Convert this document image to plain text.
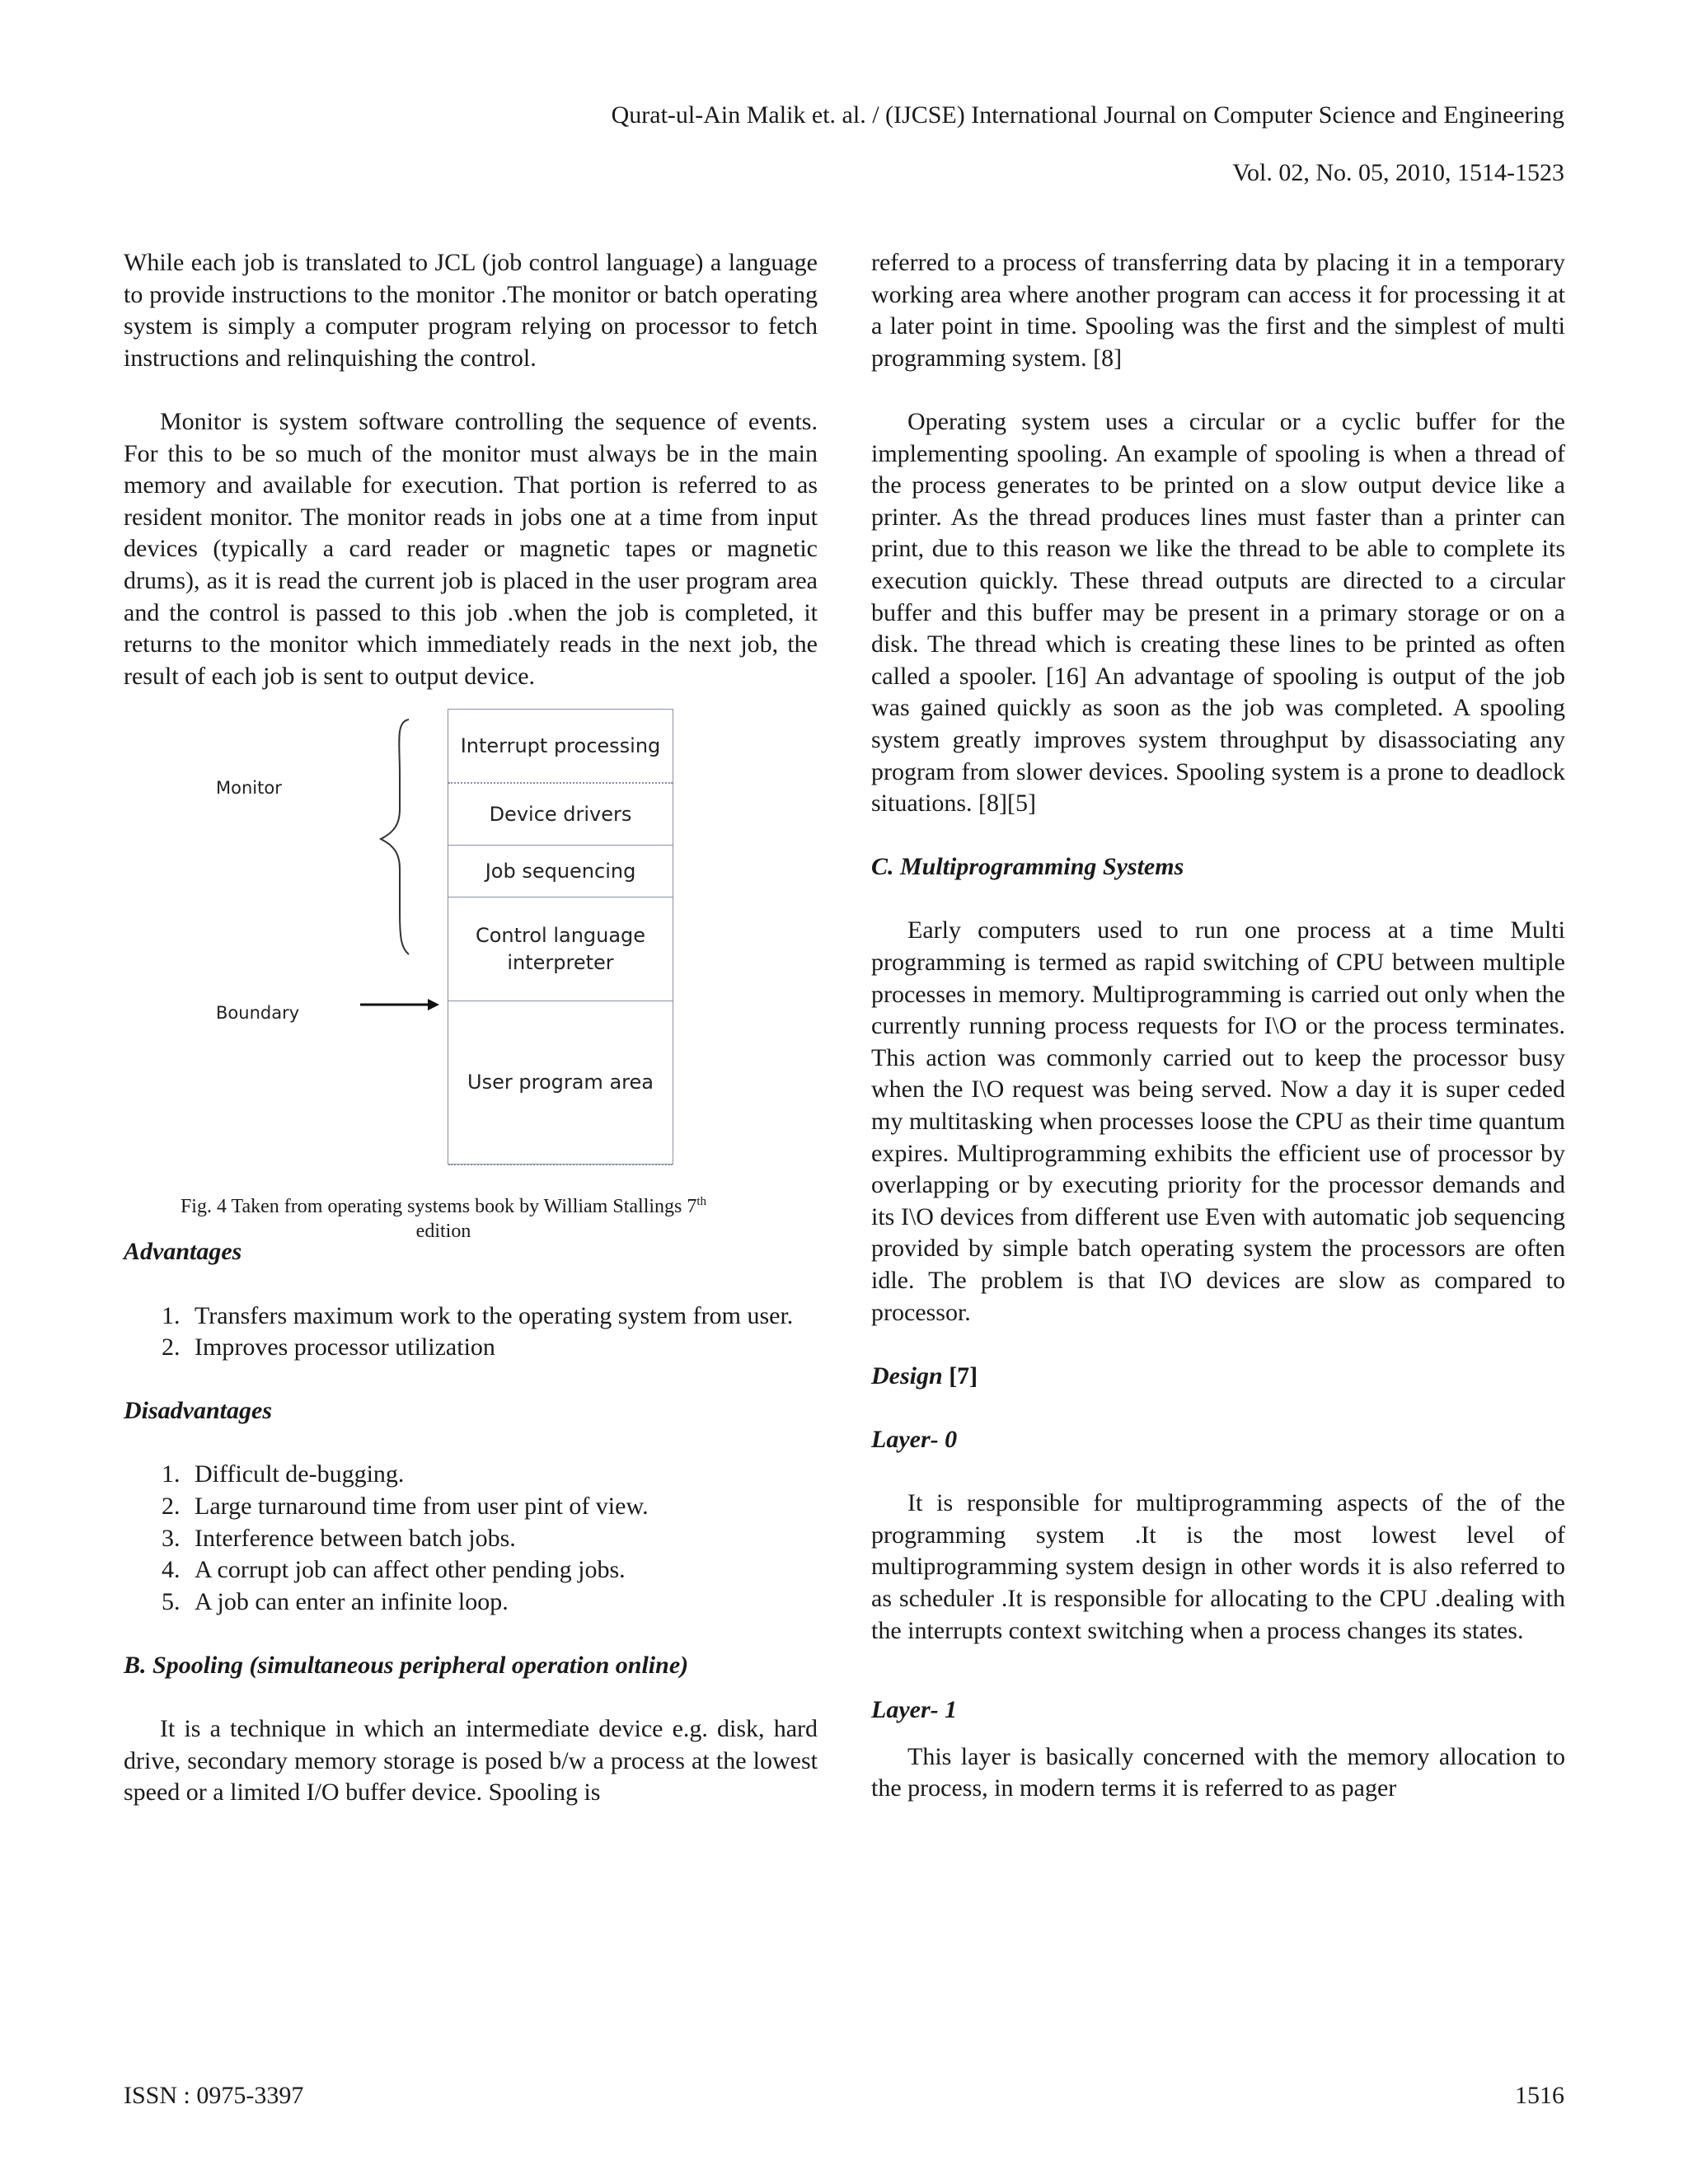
Qurat-ul-Ain Malik et. al. / (IJCSE) International Journal on Computer Science and Engineering
Vol. 02, No. 05, 2010, 1514-1523

While each job is translated to JCL (job control language) a language to provide instructions to the monitor .The monitor or batch operating system is simply a computer program relying on processor to fetch instructions and relinquishing the control.

Monitor is system software controlling the sequence of events. For this to be so much of the monitor must always be in the main memory and available for execution. That portion is referred to as resident monitor. The monitor reads in jobs one at a time from input devices (typically a card reader or magnetic tapes or magnetic drums), as it is read the current job is placed in the user program area and the control is passed to this job .when the job is completed, it returns to the monitor which immediately reads in the next job, the result of each job is sent to output device.

Monitor
Boundary
Interrupt processing
Device drivers
Job sequencing
Control language interpreter
User program area

Fig. 4 Taken from operating systems book by William Stallings 7th
edition

Advantages

1. Transfers maximum work to the operating system from user.
2. Improves processor utilization

Disadvantages

1. Difficult de-bugging.
2. Large turnaround time from user pint of view.
3. Interference between batch jobs.
4. A corrupt job can affect other pending jobs.
5. A job can enter an infinite loop.

B. Spooling (simultaneous peripheral operation online)

It is a technique in which an intermediate device e.g. disk, hard drive, secondary memory storage is posed b/w a process at the lowest speed or a limited I/O buffer device. Spooling is

referred to a process of transferring data by placing it in a temporary working area where another program can access it for processing it at a later point in time. Spooling was the first and the simplest of multi programming system. [8]

Operating system uses a circular or a cyclic buffer for the implementing spooling. An example of spooling is when a thread of the process generates to be printed on a slow output device like a printer. As the thread produces lines must faster than a printer can print, due to this reason we like the thread to be able to complete its execution quickly. These thread outputs are directed to a circular buffer and this buffer may be present in a primary storage or on a disk. The thread which is creating these lines to be printed as often called a spooler. [16] An advantage of spooling is output of the job was gained quickly as soon as the job was completed. A spooling system greatly improves system throughput by disassociating any program from slower devices. Spooling system is a prone to deadlock situations. [8][5]

C. Multiprogramming Systems

Early computers used to run one process at a time Multi programming is termed as rapid switching of CPU between multiple processes in memory. Multiprogramming is carried out only when the currently running process requests for I\O or the process terminates. This action was commonly carried out to keep the processor busy when the I\O request was being served. Now a day it is super ceded my multitasking when processes loose the CPU as their time quantum expires. Multiprogramming exhibits the efficient use of processor by overlapping or by executing priority for the processor demands and its I\O devices from different use Even with automatic job sequencing provided by simple batch operating system the processors are often idle. The problem is that I\O devices are slow as compared to processor.

Design [7]

Layer- 0

It is responsible for multiprogramming aspects of the of the programming system .It is the most lowest level of multiprogramming system design in other words it is also referred to as scheduler .It is responsible for allocating to the CPU .dealing with the interrupts context switching when a process changes its states.

Layer- 1

This layer is basically concerned with the memory allocation to the process, in modern terms it is referred to as pager

ISSN : 0975-3397	1516
